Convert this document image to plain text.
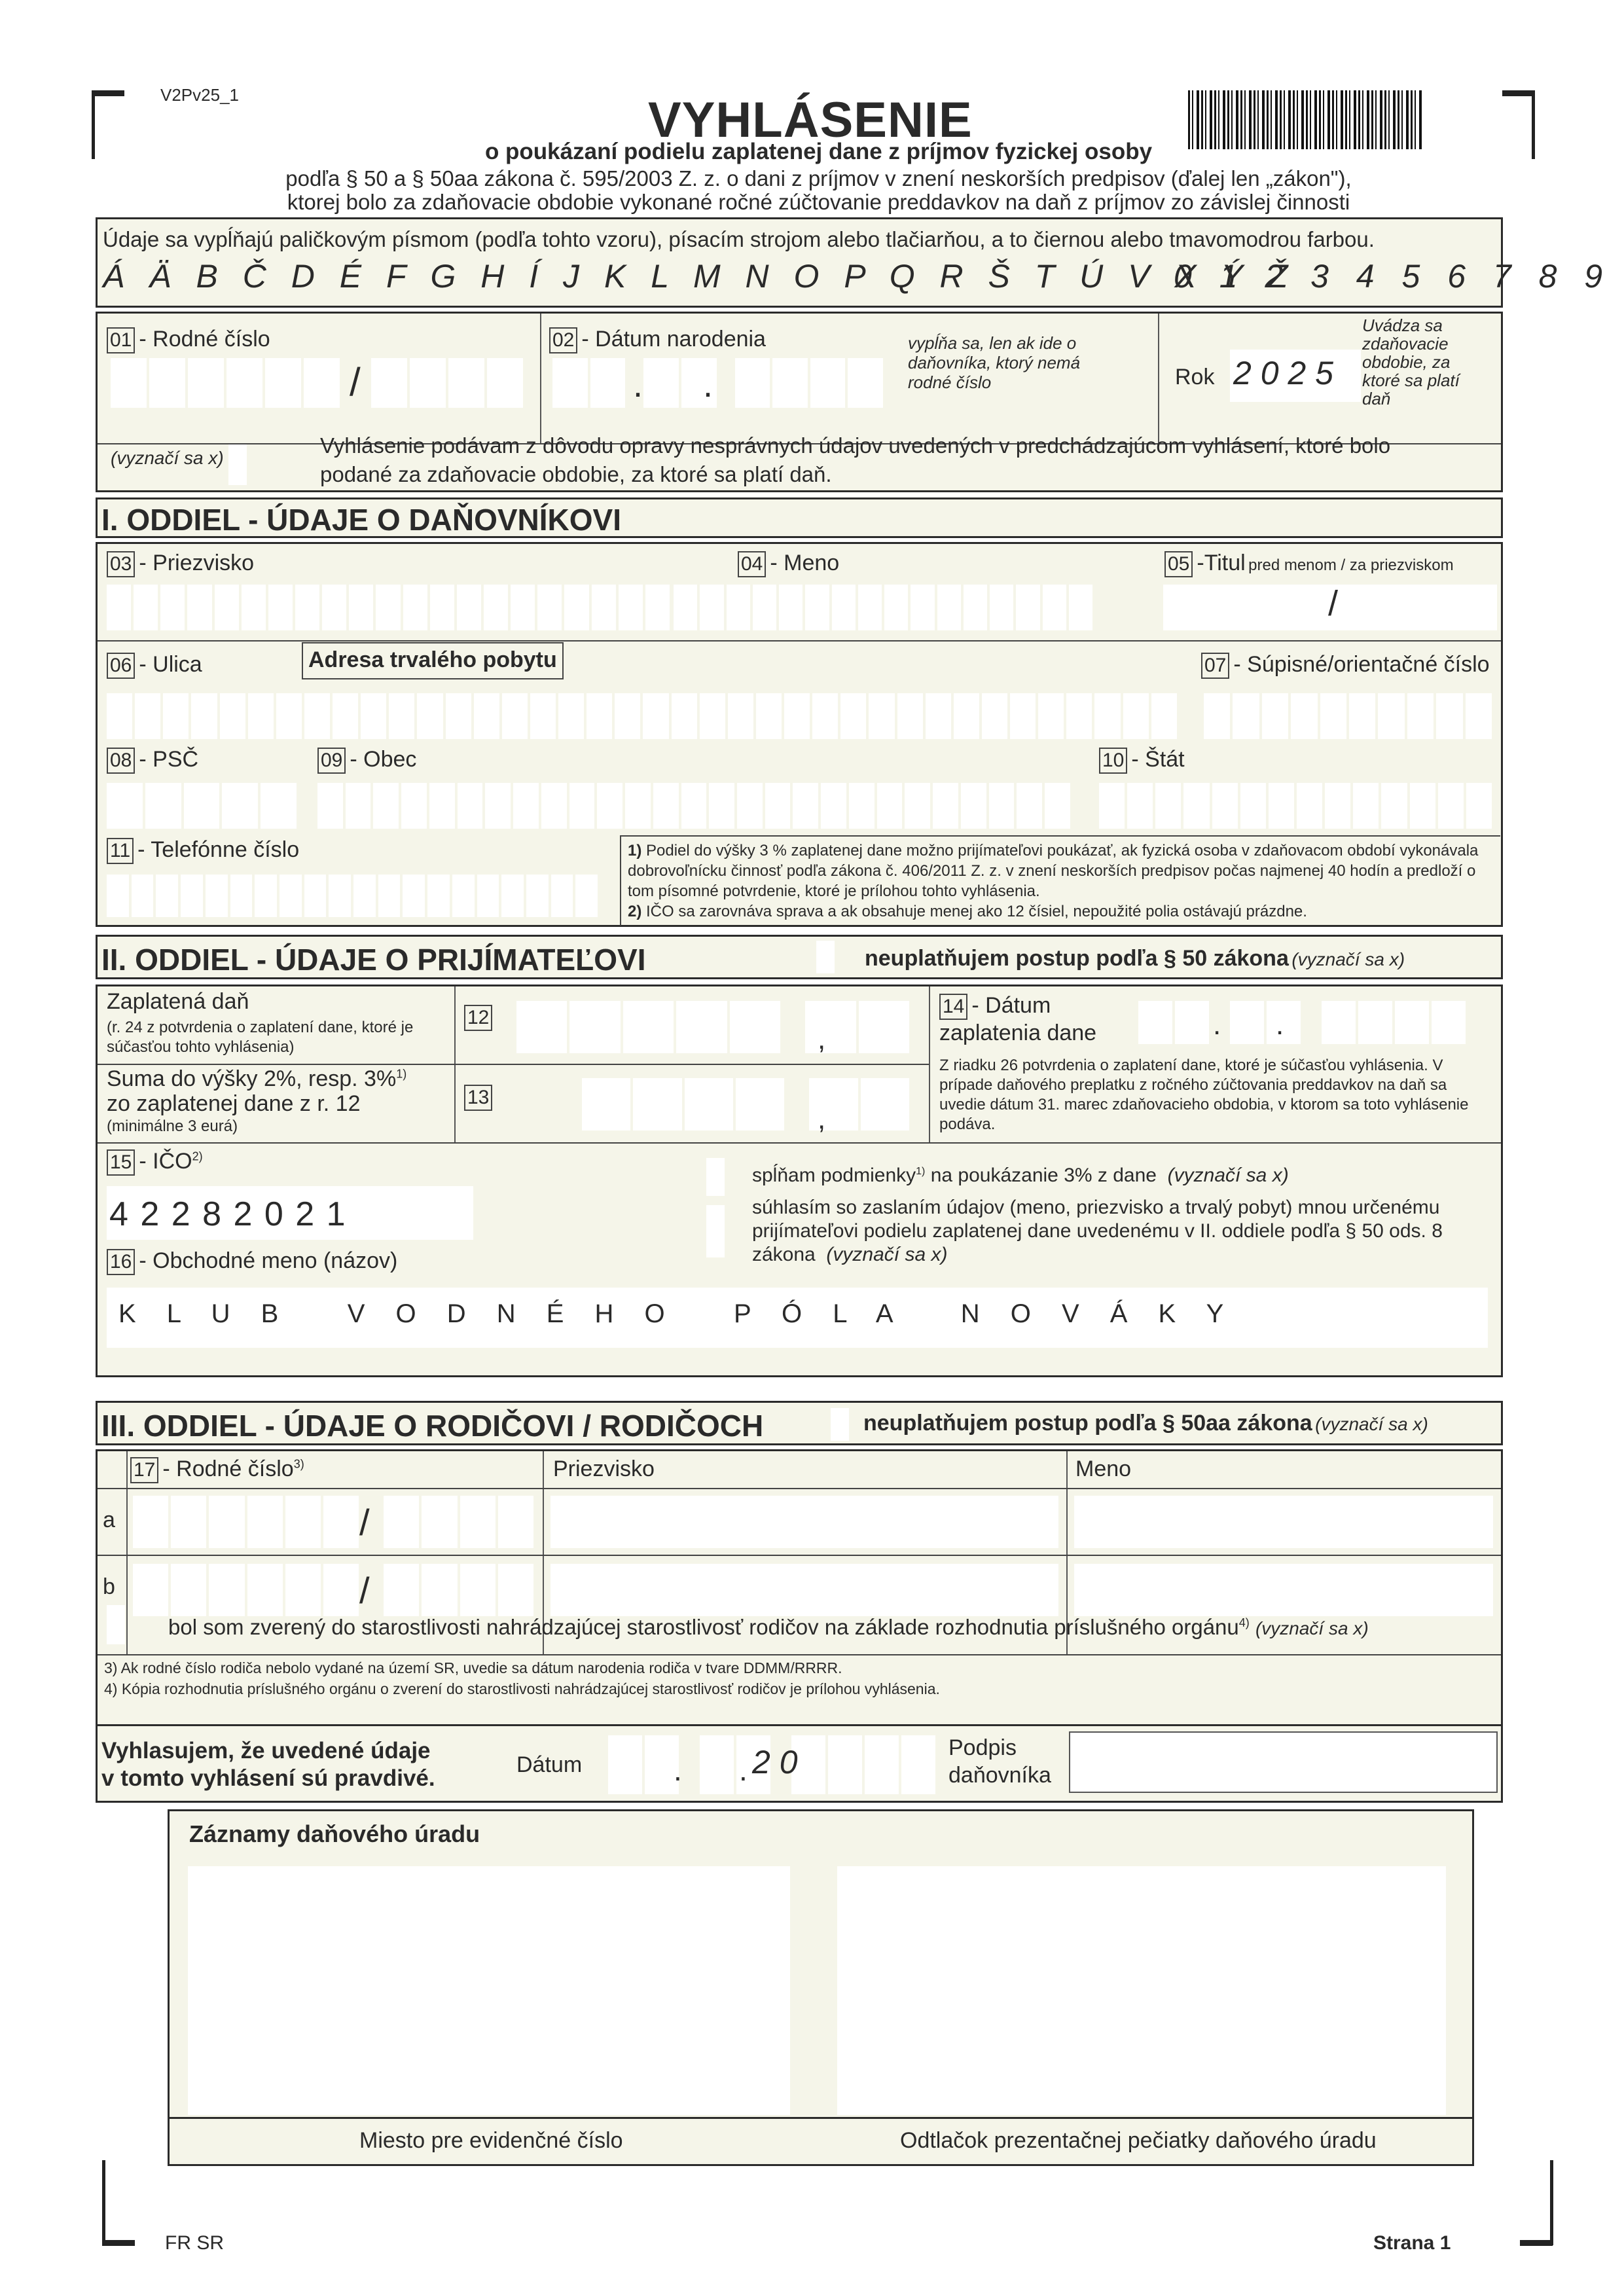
V2Pv25_1	VYHLÁSENIE
o poukázaní podielu zaplatenej dane z príjmov fyzickej osoby
podľa § 50 a § 50aa zákona č. 595/2003 Z. z. o dani z príjmov v znení neskorších predpisov (ďalej len „zákon"),
ktorej bolo za zdaňovacie obdobie vykonané ročné zúčtovanie preddavkov na daň z príjmov zo závislej činnosti
Údaje sa vypĺňajú paličkovým písmom (podľa tohto vzoru), písacím strojom alebo tlačiarňou, a to čiernou alebo tmavomodrou farbou.
Á Ä B Č D É F G H Í J K L M N O P Q R Š T Ú V X Ý Ž
0 1 2 3 4 5 6 7 8 9
01 - Rodné číslo
/
02 - Dátum narodenia
. .
vypĺňa sa, len ak ide o daňovníka, ktorý nemá rodné číslo	Rok 2 0 2 5
Uvádza sa zdaňovacie obdobie, za ktoré sa platí daň
(vyznačí sa x)
Vyhlásenie podávam z dôvodu opravy nesprávnych údajov uvedených v predchádzajúcom vyhlásení, ktoré bolo podané za zdaňovacie obdobie, za ktoré sa platí daň.
I. ODDIEL - ÚDAJE O DAŇOVNÍKOVI
03 - Priezvisko	04 - Meno	05 -Titul pred menom / za priezviskom
/
06 - Ulica	Adresa trvalého pobytu	07 - Súpisné/orientačné číslo
08 - PSČ	09 - Obec	10 - Štát
11 - Telefónne číslo	1) Podiel do výšky 3 % zaplatenej dane možno prijímateľovi poukázať, ak fyzická osoba v zdaňovacom období vykonávala dobrovoľnícku činnosť podľa zákona č. 406/2011 Z. z. v znení neskorších predpisov počas najmenej 40 hodín a predloží o tom písomné potvrdenie, ktoré je prílohou tohto vyhlásenia.
2) IČO sa zarovnáva sprava a ak obsahuje menej ako 12 čísiel, nepoužité polia ostávajú prázdne.
II. ODDIEL - ÚDAJE O PRIJÍMATEĽOVI	neuplatňujem postup podľa § 50 zákona (vyznačí sa x)
Zaplatená daň
(r. 24 z potvrdenia o zaplatení dane, ktoré je súčasťou tohto vyhlásenia)
12
,
Suma do výšky 2%, resp. 3%$^{1)}$
zo zaplatenej dane z r. 12
(minimálne 3 eurá)
13
,
14 - Dátum
zaplatenia dane	. .
Z riadku 26 potvrdenia o zaplatení dane, ktoré je súčasťou vyhlásenia. V prípade daňového preplatku z ročného zúčtovania preddavkov na daň sa uvedie dátum 31. marec zdaňovacieho obdobia, v ktorom sa toto vyhlásenie podáva.
15 - IČO$^{2)}$
4 2 2 8 2 0 2 1
spĺňam podmienky$^{1)}$ na poukázanie 3% z dane (vyznačí sa x)
súhlasím so zaslaním údajov (meno, priezvisko a trvalý pobyt) mnou určenému prijímateľovi podielu zaplatenej dane uvedenému v II. oddiele podľa § 50 ods. 8 zákona (vyznačí sa x)
16 - Obchodné meno (názov)
K L U B   V O D N É H O   P Ó L A   N O V Á K Y
III. ODDIEL - ÚDAJE O RODIČOVI / RODIČOCH	neuplatňujem postup podľa § 50aa zákona (vyznačí sa x)
17 - Rodné číslo$^{3)}$	Priezvisko	Meno
a	/
b	/
bol som zverený do starostlivosti nahrádzajúcej starostlivosť rodičov na základe rozhodnutia príslušného orgánu$^{4)}$ (vyznačí sa x)
3) Ak rodné číslo rodiča nebolo vydané na území SR, uvedie sa dátum narodenia rodiča v tvare DDMM/RRRR.
4) Kópia rozhodnutia príslušného orgánu o zverení do starostlivosti nahrádzajúcej starostlivosť rodičov je prílohou vyhlásenia.
Vyhlasujem, že uvedené údaje
v tomto vyhlásení sú pravdivé.
Dátum	. . 2 0	Podpis
daňovníka
Záznamy daňového úradu
Miesto pre evidenčné číslo	Odtlačok prezentačnej pečiatky daňového úradu
FR SR	Strana 1
